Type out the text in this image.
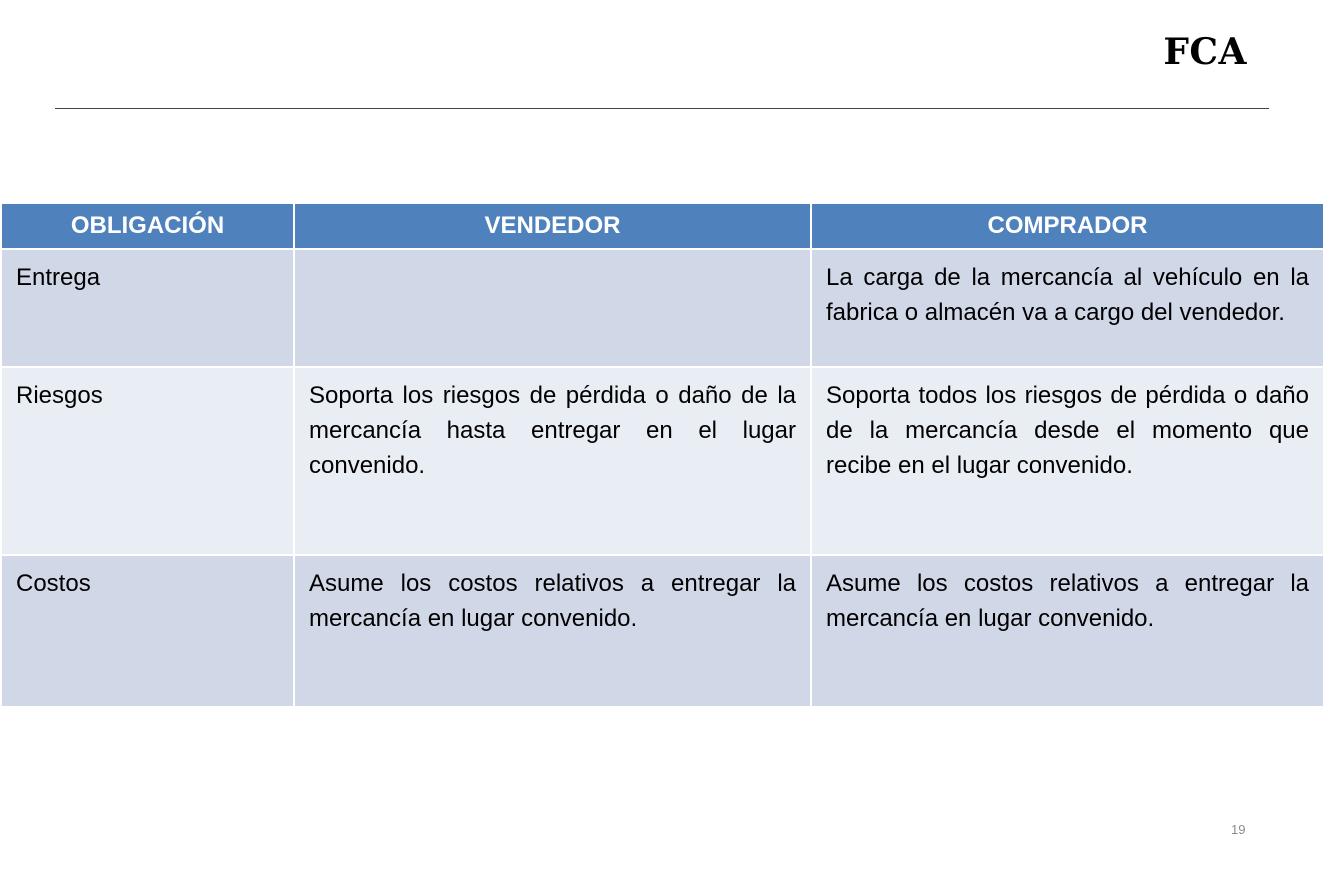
FCA
OBLIGACIÓN	VENDEDOR	COMPRADOR
Entrega		La carga de la mercancía al vehículo en la fabrica o almacén va a cargo del vendedor.
Riesgos	Soporta los riesgos de pérdida o daño de la mercancía hasta entregar en el lugar convenido.	Soporta todos los riesgos de pérdida o daño de la mercancía desde el momento que recibe en el lugar convenido.
Costos	Asume los costos relativos a entregar la mercancía en lugar convenido.	Asume los costos relativos a entregar la mercancía en lugar convenido.
19
